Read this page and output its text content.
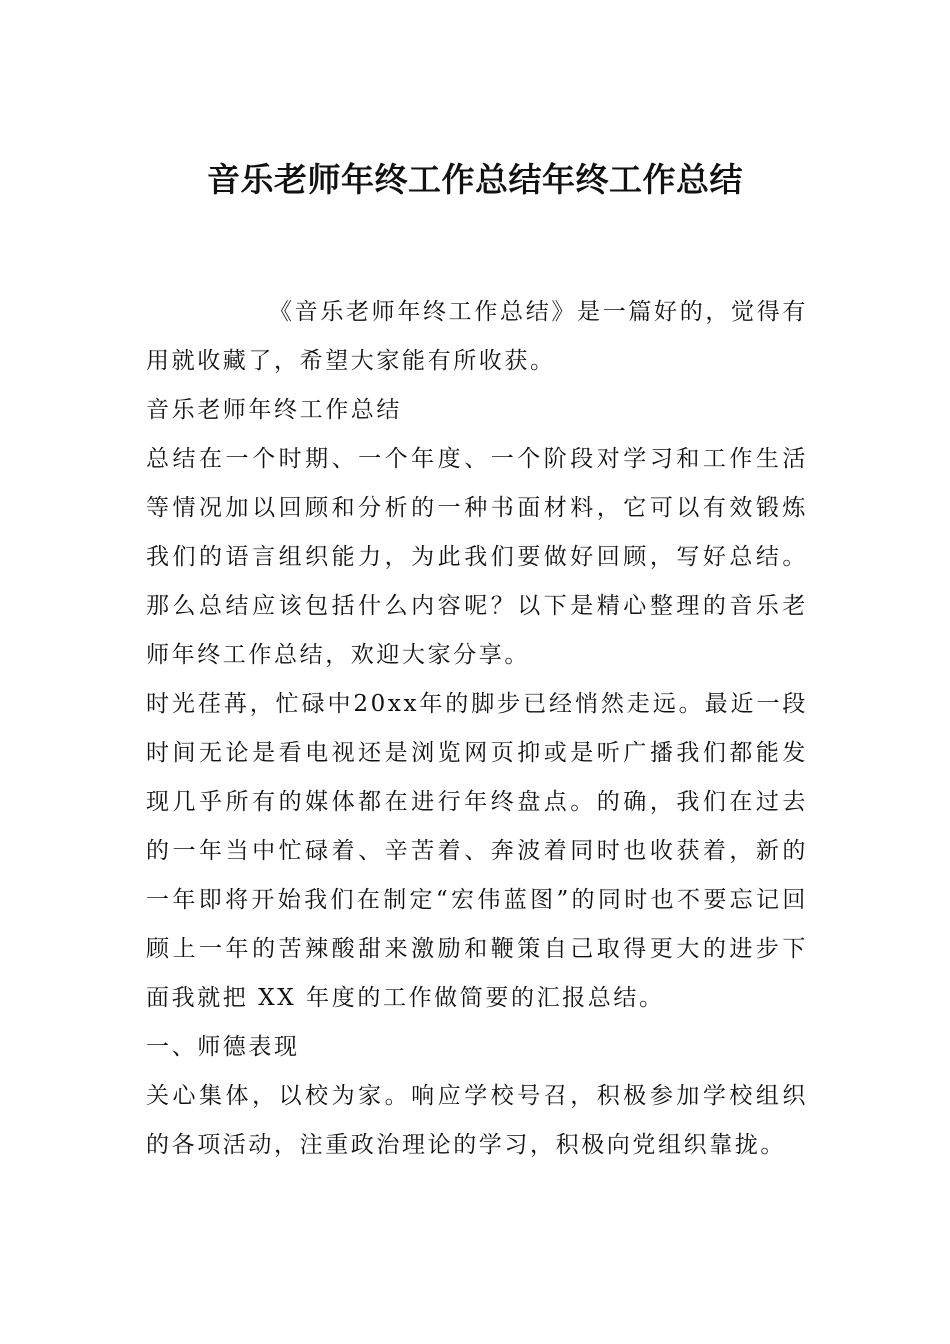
音乐老师年终工作总结年终工作总结

《音乐老师年终工作总结》是一篇好的，觉得有用就收藏了，希望大家能有所收获。

音乐老师年终工作总结

总结在一个时期、一个年度、一个阶段对学习和工作生活等情况加以回顾和分析的一种书面材料，它可以有效锻炼我们的语言组织能力，为此我们要做好回顾，写好总结。那么总结应该包括什么内容呢？以下是精心整理的音乐老师年终工作总结，欢迎大家分享。

时光荏苒，忙碌中20xx年的脚步已经悄然走远。最近一段时间无论是看电视还是浏览网页抑或是听广播我们都能发现几乎所有的媒体都在进行年终盘点。的确，我们在过去的一年当中忙碌着、辛苦着、奔波着同时也收获着，新的一年即将开始我们在制定“宏伟蓝图”的同时也不要忘记回顾上一年的苦辣酸甜来激励和鞭策自己取得更大的进步下面我就把 XX 年度的工作做简要的汇报总结。

一、师德表现

关心集体，以校为家。响应学校号召，积极参加学校组织的各项活动，注重政治理论的学习，积极向党组织靠拢。
